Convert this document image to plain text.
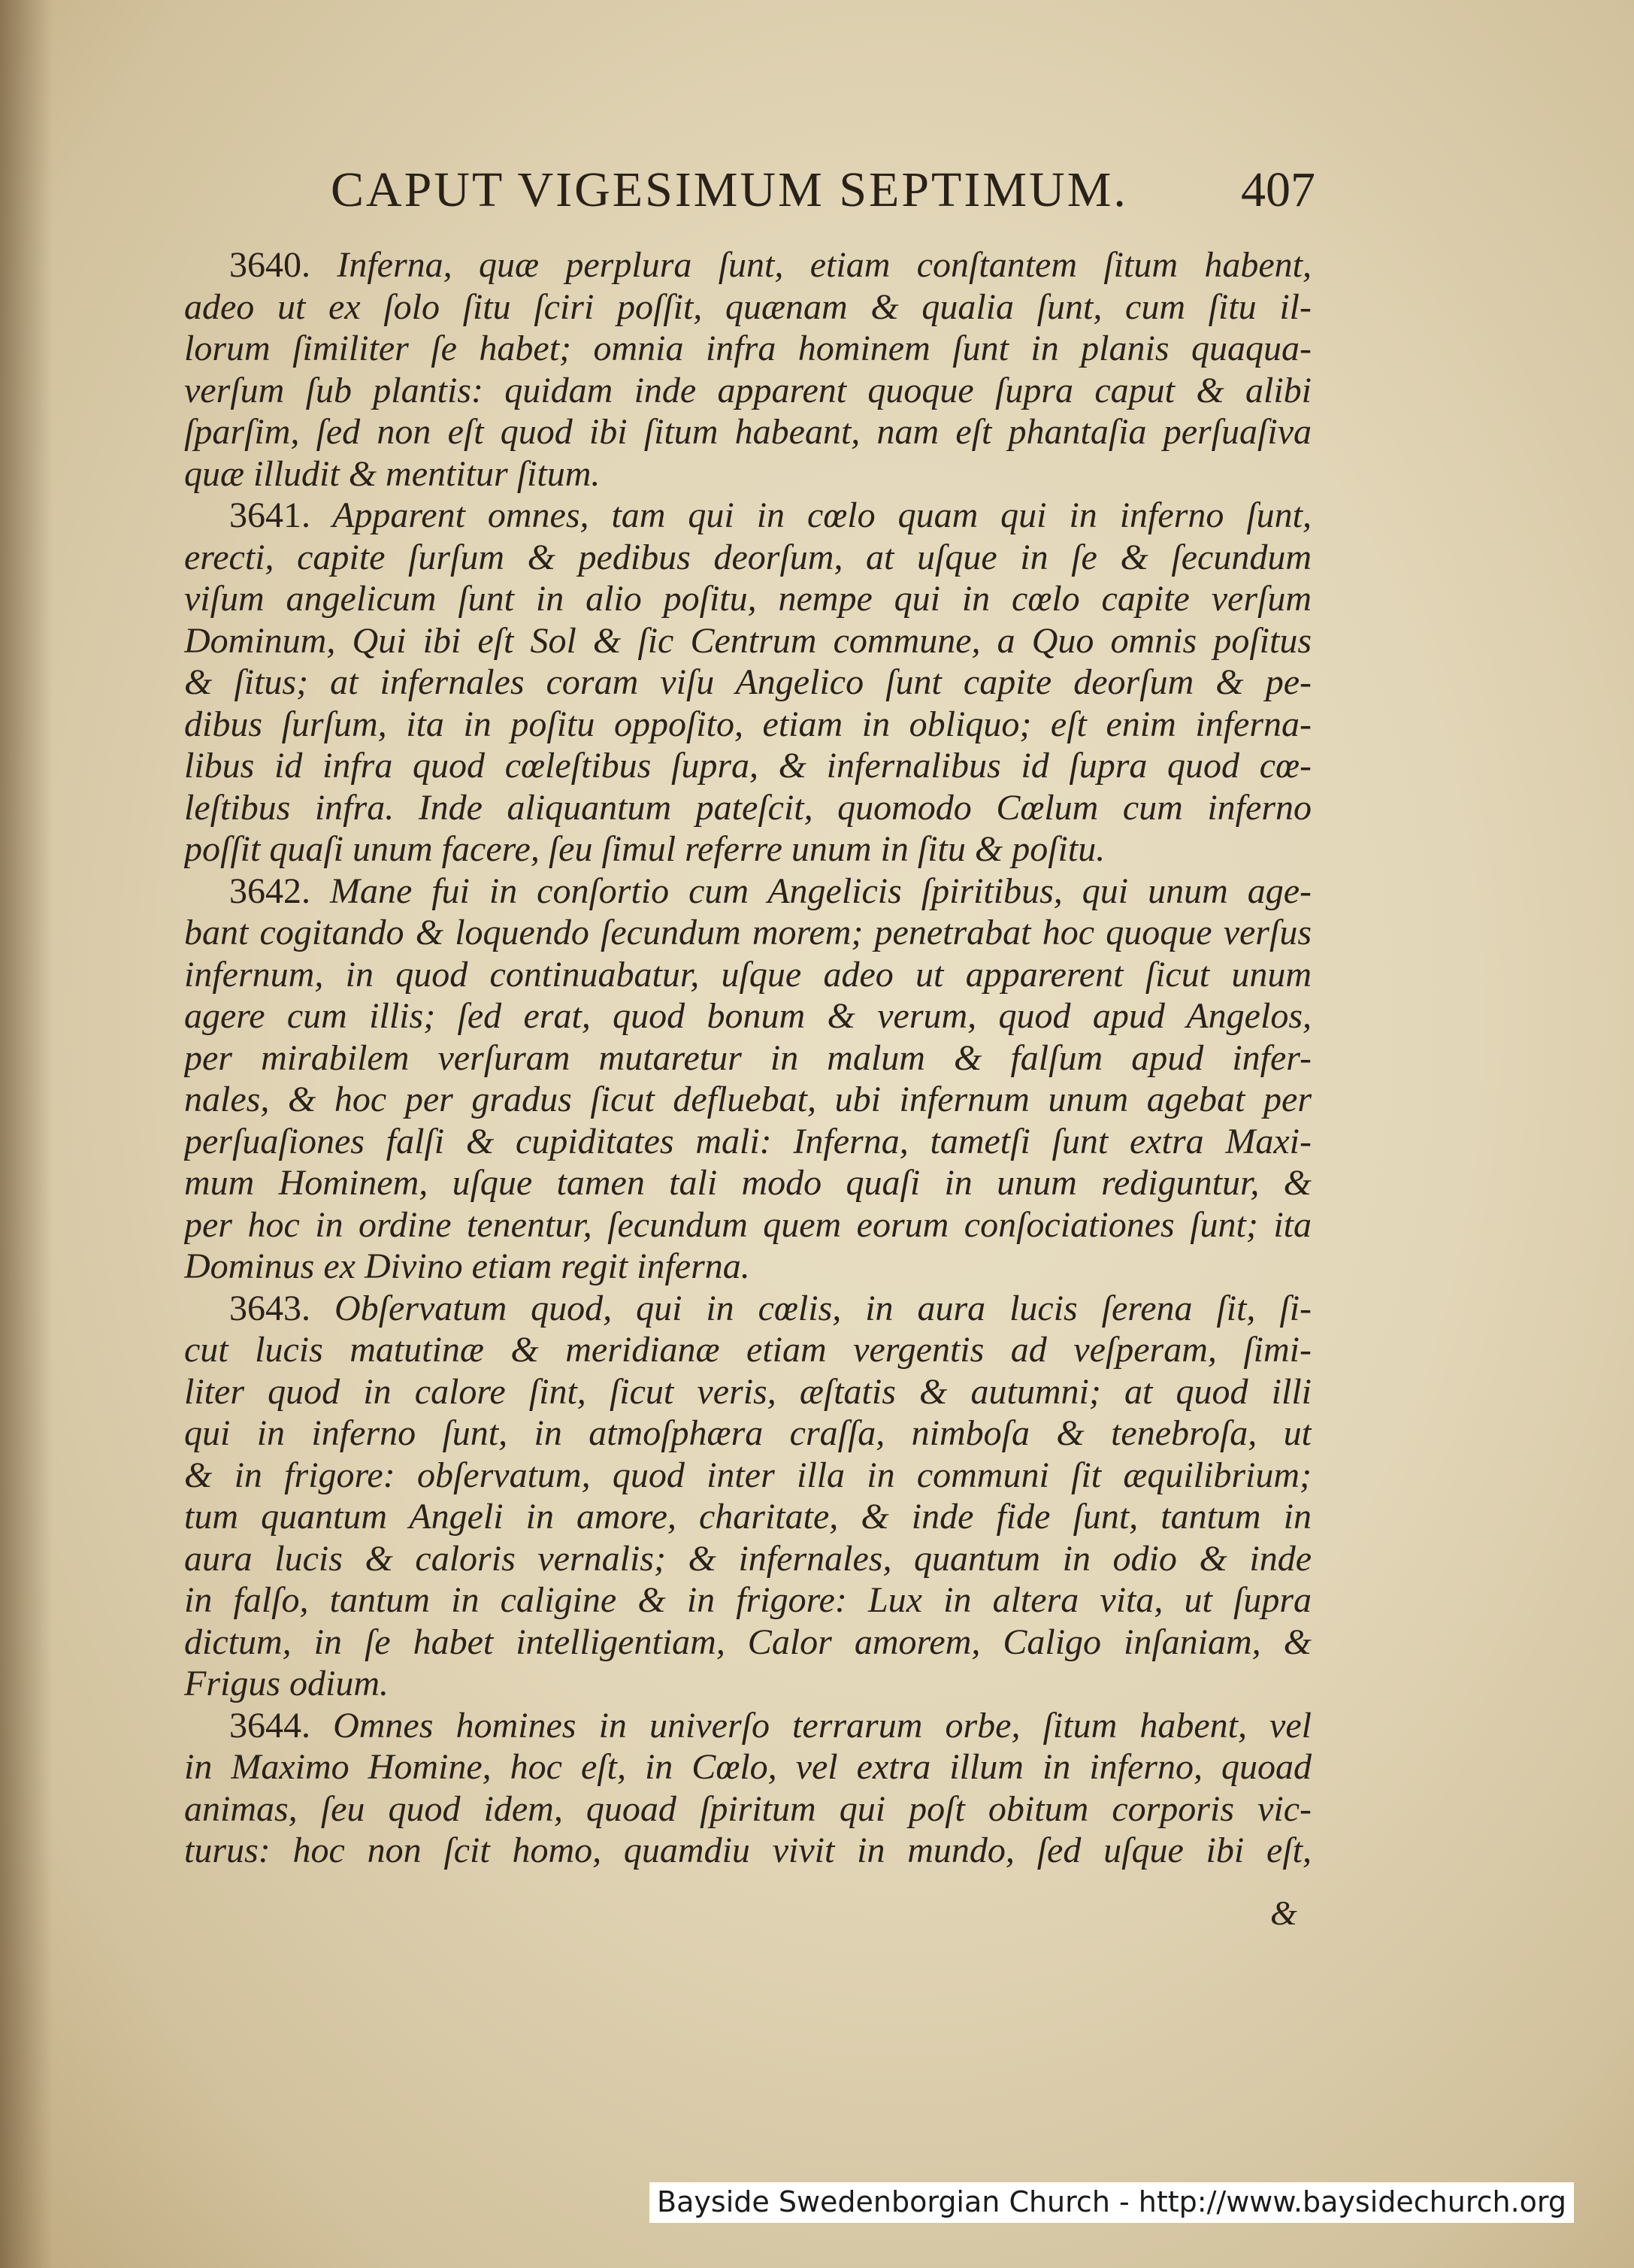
CAPUT VIGESIMUM SEPTIMUM. 407
3640. Inferna, quæ perplura ſunt, etiam conſtantem ſitum habent,
adeo ut ex ſolo ſitu ſciri poſſit, quænam & qualia ſunt, cum ſitu il-
lorum ſimiliter ſe habet; omnia infra hominem ſunt in planis quaqua-
verſum ſub plantis: quidam inde apparent quoque ſupra caput & alibi
ſparſim, ſed non eſt quod ibi ſitum habeant, nam eſt phantaſia perſuaſiva
quæ illudit & mentitur ſitum.
3641. Apparent omnes, tam qui in cœlo quam qui in inferno ſunt,
erecti, capite ſurſum & pedibus deorſum, at uſque in ſe & ſecundum
viſum angelicum ſunt in alio poſitu, nempe qui in cœlo capite verſum
Dominum, Qui ibi eſt Sol & ſic Centrum commune, a Quo omnis poſitus
& ſitus; at infernales coram viſu Angelico ſunt capite deorſum & pe-
dibus ſurſum, ita in poſitu oppoſito, etiam in obliquo; eſt enim inferna-
libus id infra quod cœleſtibus ſupra, & infernalibus id ſupra quod cœ-
leſtibus infra. Inde aliquantum pateſcit, quomodo Cœlum cum inferno
poſſit quaſi unum facere, ſeu ſimul referre unum in ſitu & poſitu.
3642. Mane fui in conſortio cum Angelicis ſpiritibus, qui unum age-
bant cogitando & loquendo ſecundum morem; penetrabat hoc quoque verſus
infernum, in quod continuabatur, uſque adeo ut apparerent ſicut unum
agere cum illis; ſed erat, quod bonum & verum, quod apud Angelos,
per mirabilem verſuram mutaretur in malum & falſum apud infer-
nales, & hoc per gradus ſicut defluebat, ubi infernum unum agebat per
perſuaſiones falſi & cupiditates mali: Inferna, tametſi ſunt extra Maxi-
mum Hominem, uſque tamen tali modo quaſi in unum rediguntur, &
per hoc in ordine tenentur, ſecundum quem eorum conſociationes ſunt; ita
Dominus ex Divino etiam regit inferna.
3643. Obſervatum quod, qui in cœlis, in aura lucis ſerena ſit, ſi-
cut lucis matutinæ & meridianæ etiam vergentis ad veſperam, ſimi-
liter quod in calore ſint, ſicut veris, æſtatis & autumni; at quod illi
qui in inferno ſunt, in atmoſphæra craſſa, nimboſa & tenebroſa, ut
& in frigore: obſervatum, quod inter illa in communi ſit æquilibrium;
tum quantum Angeli in amore, charitate, & inde fide ſunt, tantum in
aura lucis & caloris vernalis; & infernales, quantum in odio & inde
in falſo, tantum in caligine & in frigore: Lux in altera vita, ut ſupra
dictum, in ſe habet intelligentiam, Calor amorem, Caligo inſaniam, &
Frigus odium.
3644. Omnes homines in univerſo terrarum orbe, ſitum habent, vel
in Maximo Homine, hoc eſt, in Cœlo, vel extra illum in inferno, quoad
animas, ſeu quod idem, quoad ſpiritum qui poſt obitum corporis vic-
turus: hoc non ſcit homo, quamdiu vivit in mundo, ſed uſque ibi eſt,
&
Bayside Swedenborgian Church - http://www.baysidechurch.org
